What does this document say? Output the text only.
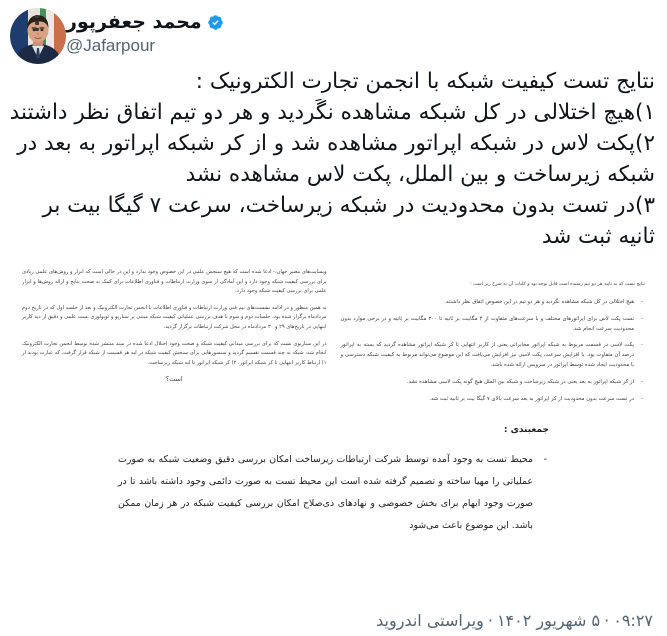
محمد جعفرپور
@Jafarpour
نتایج تست کیفیت شبکه با انجمن تجارت الکترونیک :
۱)هیچ اختلالی در کل شبکه مشاهده نگَردید و هر دو تیم اتفاق نظر داشتند
۲)پکت لاس در شبکه اپراتور مشاهده شد و از کر شبکه اپراتور به بعد در شبکه زیرساخت و بین الملل، پکت لاس مشاهده نشد
۳)در تست بدون محدودیت در شبکه زیرساخت، سرعت ۷ گیگا بیت بر ثانیه ثبت شد

نتایج تست که به تایید هر دو تیم رسیده است قابل توجه بود و کلیات آن به شرح زیر است :

- هیچ اختلالی در کل شبکه مشاهده نگردید و هر دو تیم در این خصوص اتفاق نظر داشتند.
- تست پکت لاس برای اپراتورهای مختلف و با سرعت‌های متفاوت از ۴ مگابیت بر ثانیه تا ۲۰۰ مگابیت بر ثانیه و در برخی موارد بدون محدودیت سرعت انجام شد.
- پکت لاسی در قسمت مربوط به شبکه اپراتور مخابراتی یعنی از کاربر انتهایی تا کر شبکه اپراتور مشاهده گردید که بسته به اپراتور درصد آن متفاوت بود. با افزایش سرعت، پکت لاسی نیز افزایش می‌یافت که این موضوع می‌تواند مربوط به کیفیت شبکه دسترسی و یا محدودیت ایجاد شده توسط اپراتور در سرویس ارائه شده باشد.
- از کر شبکه اپراتور به بعد یعنی در شبکه زیرساخت و شبکه بین الملل هیچ گونه پکت لاسی مشاهده نشد.
- در تست سرعت بدون محدودیت از کر اپراتور به بعد سرعت بالای ۷ گیگا بیت بر ثانیه ثبت شد.

وبسایت‌های معتبر جهان،- ادعا شده است که هیچ سنجش علمی در این خصوص وجود ندارد و این در حالی است که ابزار و روش‌های علمی زیادی برای بررسی کیفیت شبکه وجود دارد و این آمادگی از سوی وزارت ارتباطات و فناوری اطلاعات برای کمک به صحت نتایج و ارائه روش‌ها و ابزار علمی برای بررسی کیفیت شبکه وجود دارد.

به همین منظور و در ادامه نشست‌های تیم فنی وزارت ارتباطات و فناوری اطلاعات با انجمن تجارت الکترونیک و بعد از جلسه اول که در تاریخ دوم مردادماه برگزار شده بود، جلسات دوم و سوم با هدف بررسی عملیاتی کیفیت شبکه مبتنی بر سناریو و توپولوژی تست علمی و دقیق از دید کاربر انتهایی در تاریخ‌های ۲۹ و ۳۰ مردادماه در محل شرکت ارتباطات برگزار گردید.

در این سناریوی تست که برای بررسی میدانی کیفیت شبکه و صحت وجود اختلال ادعا شده در سند منتشر شده توسط انجمن تجارت الکترونیک انجام شد، شبکه به چند قسمت تقسیم گردید و سنسورهایی برای سنجش کیفیت شبکه در لبه هر قسمت از شبکه قرار گرفت، که عبارت بودند از ۱) ارتباط کاربر انتهایی تا کر شبکه اپراتور، ۲) کر شبکه اپراتور تا لبه شبکه زیرساخت.

است؟

جمعبندی :
- محیط تست به وجود آمده توسط شرکت ارتباطات زیرساخت امکان بررسی دقیق وضعیت شبکه به صورت عملیاتی را مهیا ساخته و تصمیم گرفته شده است این محیط تست به صورت دائمی وجود داشته باشد تا در صورت وجود ابهام برای بخش خصوصی و نهادهای ذی‌صلاح امکان بررسی کیفیت شبکه در هر زمان ممکن باشد. این موضوع باعث می‌شود
۰۹:۲۷·۵ شهریور ۱۴۰۲·ویراستی اندروید
